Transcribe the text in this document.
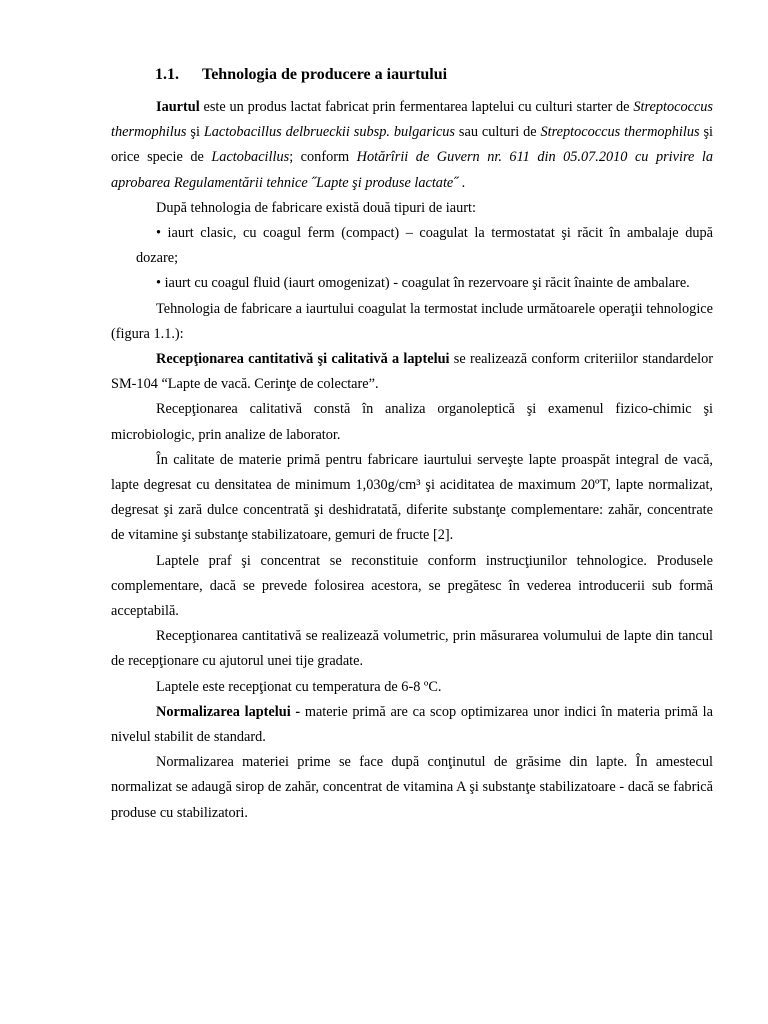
1.1. Tehnologia de producere a iaurtului

Iaurtul este un produs lactat fabricat prin fermentarea laptelui cu culturi starter de Streptococcus thermophilus şi Lactobacillus delbrueckii subsp. bulgaricus sau culturi de Streptococcus thermophilus şi orice specie de Lactobacillus; conform Hotărîrii de Guvern nr. 611 din 05.07.2010 cu privire la aprobarea Regulamentării tehnice ˝Lapte şi produse lactate˝ .

După tehnologia de fabricare există două tipuri de iaurt:

• iaurt clasic, cu coagul ferm (compact) – coagulat la termostatat şi răcit în ambalaje după dozare;

• iaurt cu coagul fluid (iaurt omogenizat) - coagulat în rezervoare şi răcit înainte de ambalare.

Tehnologia de fabricare a iaurtului coagulat la termostat include următoarele operaţii tehnologice (figura 1.1.):

Recepţionarea cantitativă şi calitativă a laptelui se realizează conform criteriilor standardelor SM-104 “Lapte de vacă. Cerinţe de colectare”.

Recepţionarea calitativă constă în analiza organoleptică şi examenul fizico-chimic şi microbiologic, prin analize de laborator.

În calitate de materie primă pentru fabricare iaurtului serveşte lapte proaspăt integral de vacă, lapte degresat cu densitatea de minimum 1,030g/cm³ şi aciditatea de maximum 20ºT, lapte normalizat, degresat şi zară dulce concentrată şi deshidratată, diferite substanţe complementare: zahăr, concentrate de vitamine şi substanţe stabilizatoare, gemuri de fructe [2].

Laptele praf şi concentrat se reconstituie conform instrucţiunilor tehnologice. Produsele complementare, dacă se prevede folosirea acestora, se pregătesc în vederea introducerii sub formă acceptabilă.

Recepţionarea cantitativă se realizează volumetric, prin măsurarea volumului de lapte din tancul de recepţionare cu ajutorul unei tije gradate.

Laptele este recepţionat cu temperatura de 6-8 ºC.

Normalizarea laptelui - materie primă are ca scop optimizarea unor indici în materia primă la nivelul stabilit de standard.

Normalizarea materiei prime se face după conţinutul de grăsime din lapte. În amestecul normalizat se adaugă sirop de zahăr, concentrat de vitamina A şi substanţe stabilizatoare - dacă se fabrică produse cu stabilizatori.
